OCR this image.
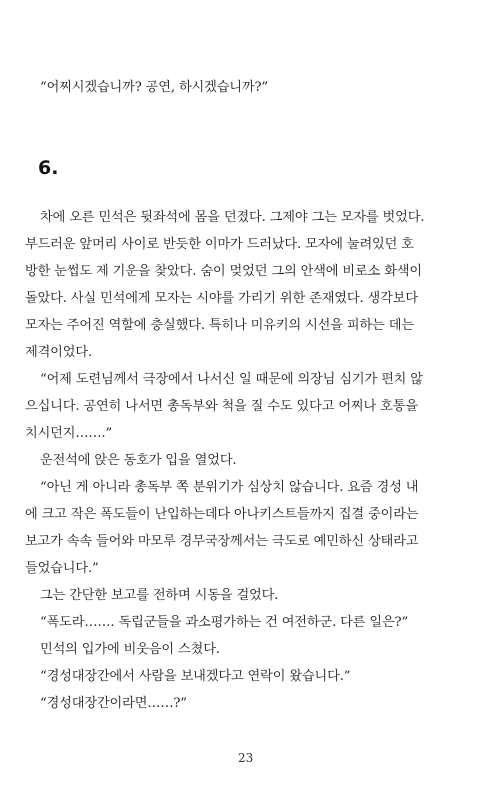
“어찌시겠습니까? 공연, 하시겠습니까?”
6.
차에 오른 민석은 뒷좌석에 몸을 던졌다. 그제야 그는 모자를 벗었다.
부드러운 앞머리 사이로 반듯한 이마가 드러났다. 모자에 눌려있던 호
방한 눈썹도 제 기운을 찾았다. 숨이 멎었던 그의 안색에 비로소 화색이
돌았다. 사실 민석에게 모자는 시야를 가리기 위한 존재였다. 생각보다
모자는 주어진 역할에 충실했다. 특히나 미유키의 시선을 피하는 데는
제격이었다.
“어제 도련님께서 극장에서 나서신 일 때문에 의장님 심기가 편치 않
으십니다. 공연히 나서면 총독부와 척을 질 수도 있다고 어찌나 호통을
치시던지…….”
운전석에 앉은 동호가 입을 열었다.
“아닌 게 아니라 총독부 쪽 분위기가 심상치 않습니다. 요즘 경성 내
에 크고 작은 폭도들이 난입하는데다 아나키스트들까지 집결 중이라는
보고가 속속 들어와 마모루 경무국장께서는 극도로 예민하신 상태라고
들었습니다.”
그는 간단한 보고를 전하며 시동을 걸었다.
“폭도라……. 독립군들을 과소평가하는 건 여전하군. 다른 일은?”
민석의 입가에 비웃음이 스쳤다.
“경성대장간에서 사람을 보내겠다고 연락이 왔습니다.”
“경성대장간이라면……?”
23
